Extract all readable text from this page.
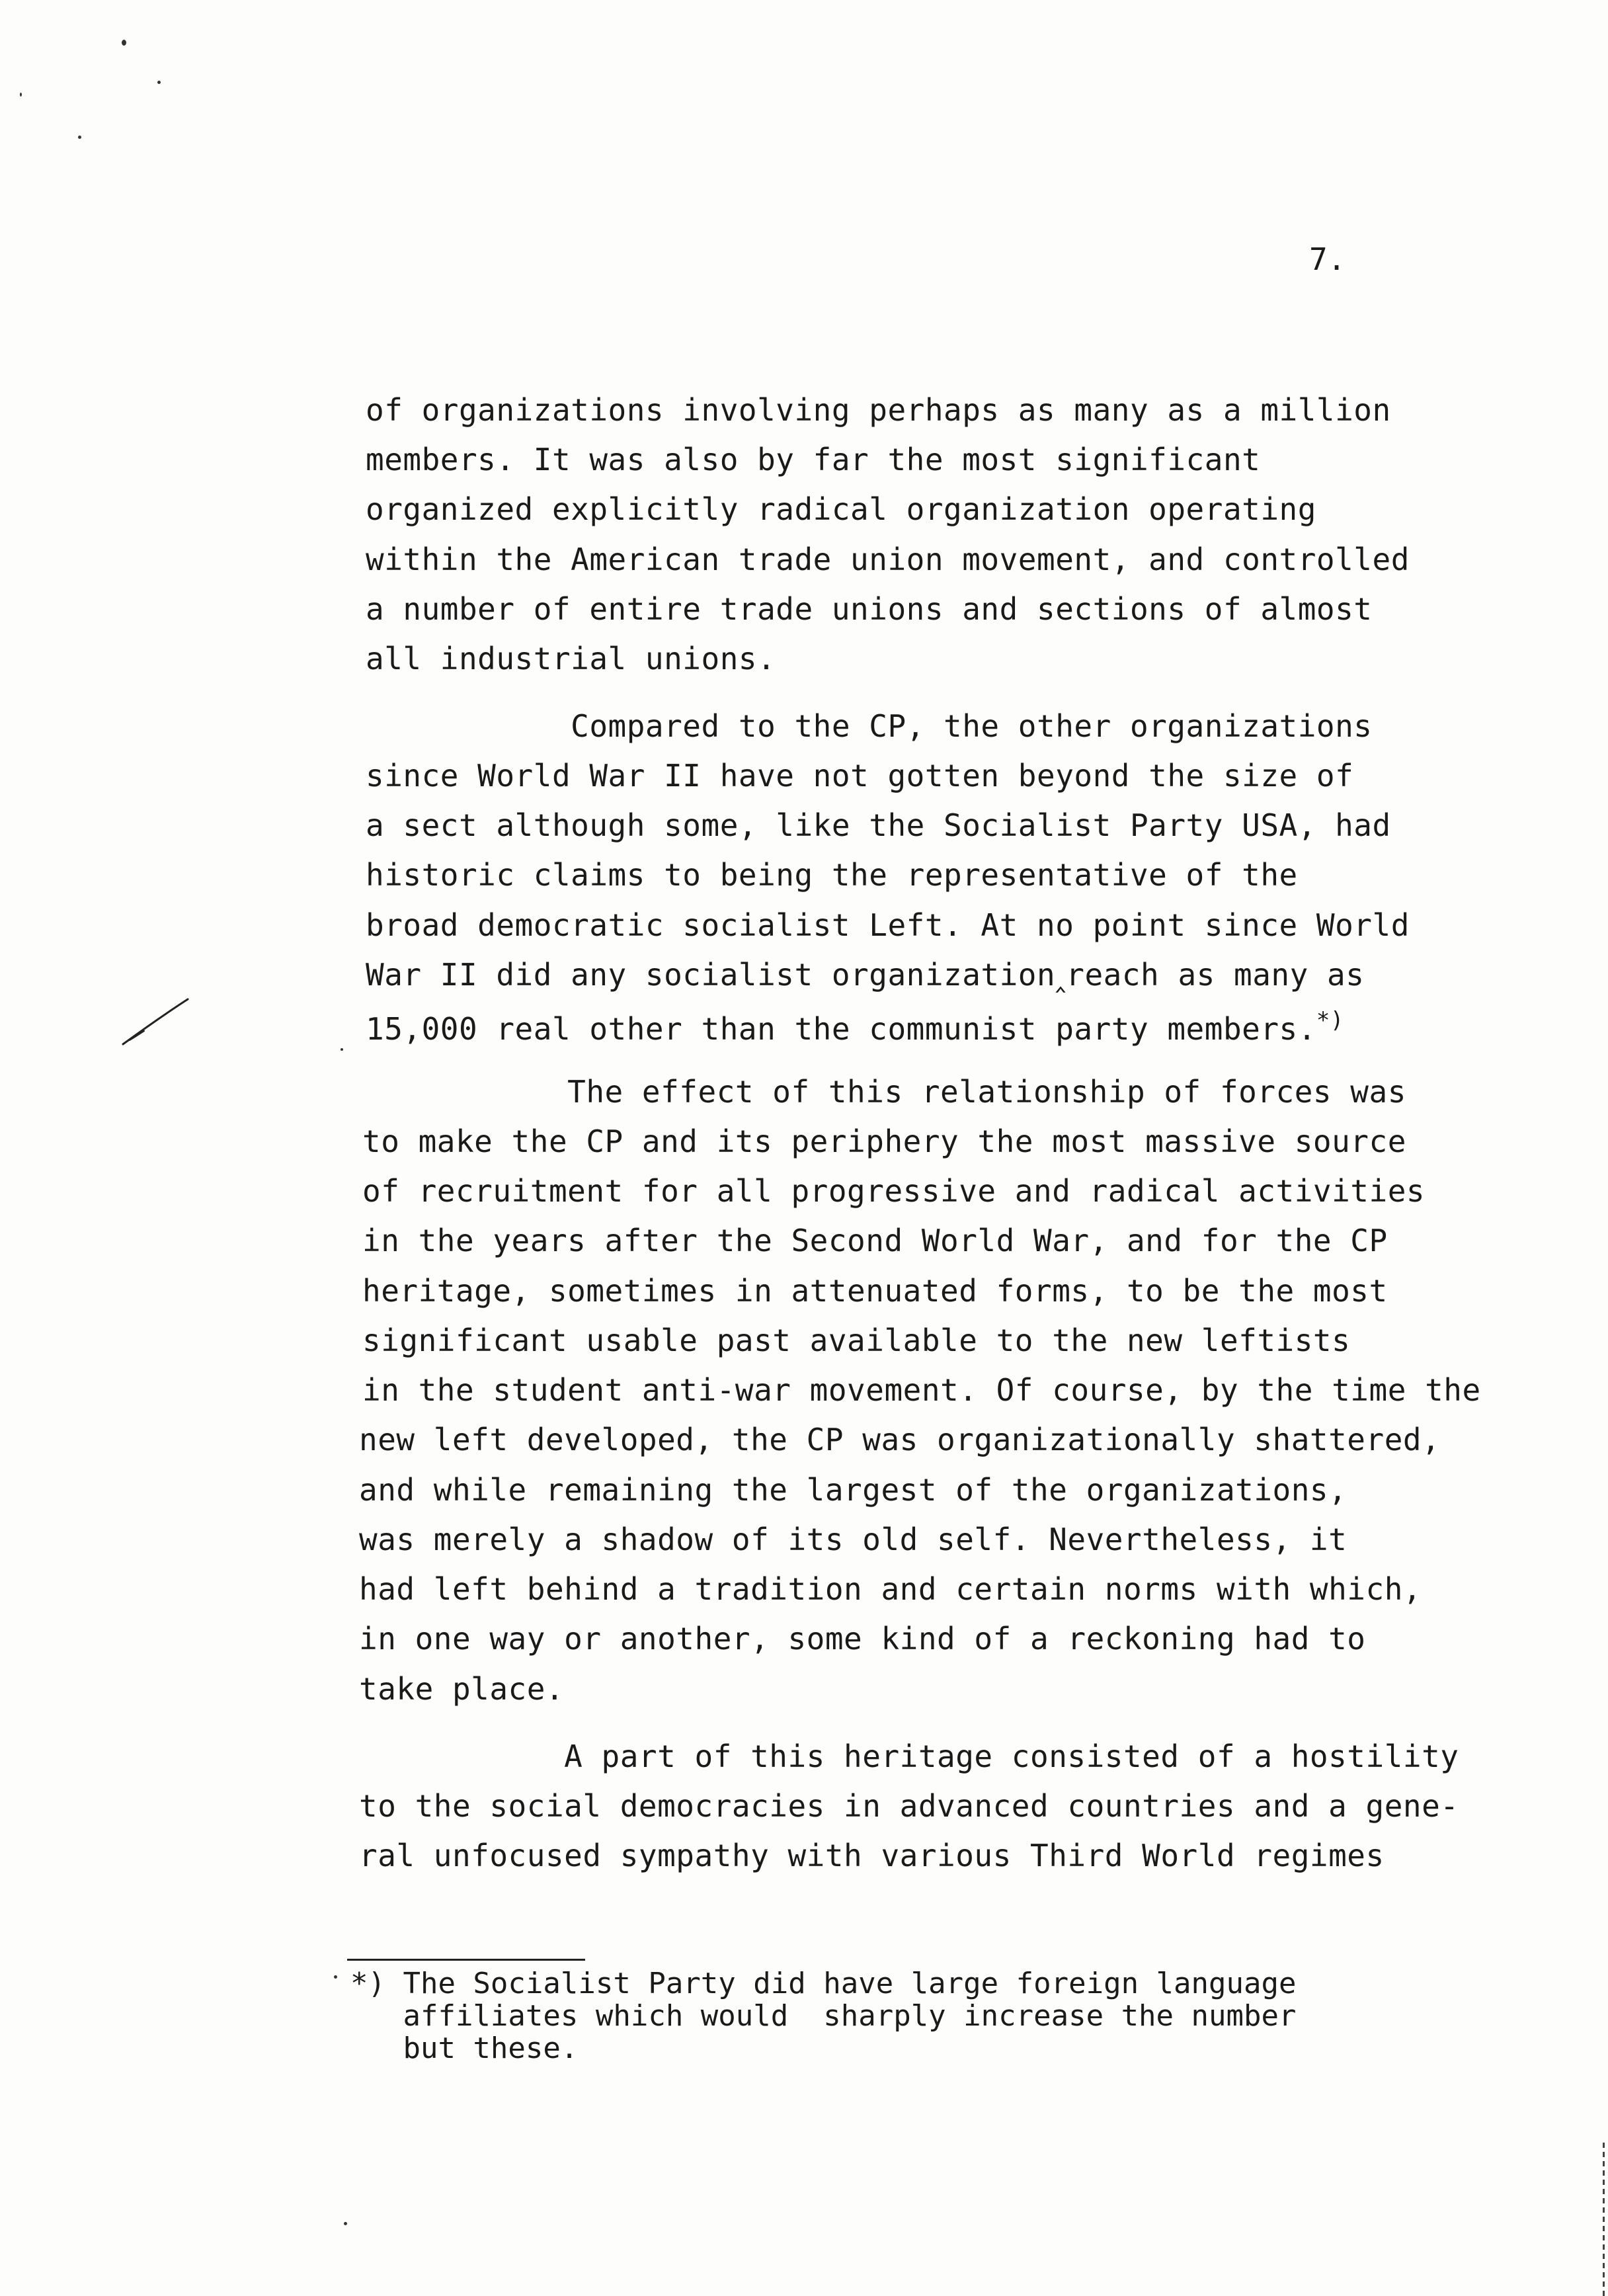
7.
of organizations involving perhaps as many as a million
members. It was also by far the most significant
organized explicitly radical organization operating
within the American trade union movement, and controlled
a number of entire trade unions and sections of almost
all industrial unions.
Compared to the CP, the other organizations
since World War II have not gotten beyond the size of
a sect although some, like the Socialist Party USA, had
historic claims to being the representative of the
broad democratic socialist Left. At no point since World
War II did any socialist organization‸reach as many as
15,000 real other than the communist party members.*)
The effect of this relationship of forces was
to make the CP and its periphery the most massive source
of recruitment for all progressive and radical activities
in the years after the Second World War, and for the CP
heritage, sometimes in attenuated forms, to be the most
significant usable past available to the new leftists
in the student anti-war movement. Of course, by the time the
new left developed, the CP was organizationally shattered,
and while remaining the largest of the organizations,
was merely a shadow of its old self. Nevertheless, it
had left behind a tradition and certain norms with which,
in one way or another, some kind of a reckoning had to
take place.
A part of this heritage consisted of a hostility
to the social democracies in advanced countries and a gene-
ral unfocused sympathy with various Third World regimes
*) The Socialist Party did have large foreign language
affiliates which would  sharply increase the number
but these.
